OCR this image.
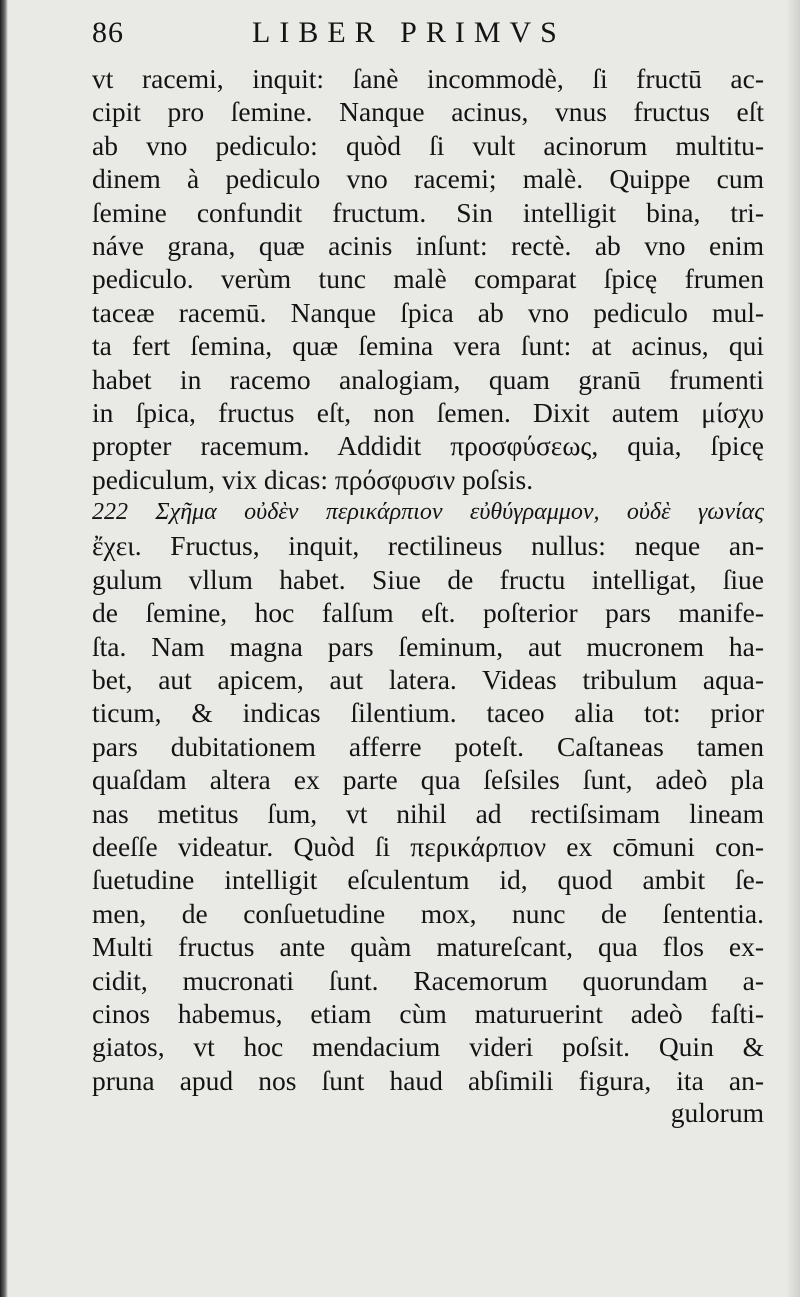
86	LIBER PRIMVS
vt racemi, inquit: ſanè incommodè, ſi fructū ac-
cipit pro ſemine. Nanque acinus, vnus fructus eſt
ab vno pediculo: quòd ſi vult acinorum multitu-
dinem à pediculo vno racemi; malè. Quippe cum
ſemine confundit fructum. Sin intelligit bina, tri-
náve grana, quæ acinis inſunt: rectè. ab vno enim
pediculo. verùm tunc malè comparat ſpicę frumen
taceæ racemū. Nanque ſpica ab vno pediculo mul-
ta fert ſemina, quæ ſemina vera ſunt: at acinus, qui
habet in racemo analogiam, quam granū frumenti
in ſpica, fructus eſt, non ſemen. Dixit autem μίσχυ
propter racemum. Addidit προσφύσεως, quia, ſpicę
pediculum, vix dicas: πρόσφυσιν poſsis.
222 Σχῆμα οὐδὲν περικάρπιον εὐθύγραμμον, οὐδὲ γωνίας
ἔχει. Fructus, inquit, rectilineus nullus: neque an-
gulum vllum habet. Siue de fructu intelligat, ſiue
de ſemine, hoc falſum eſt. poſterior pars manife-
ſta. Nam magna pars ſeminum, aut mucronem ha-
bet, aut apicem, aut latera. Videas tribulum aqua-
ticum, & indicas ſilentium. taceo alia tot: prior
pars dubitationem afferre poteſt. Caſtaneas tamen
quaſdam altera ex parte qua ſeſsiles ſunt, adeò pla
nas metitus ſum, vt nihil ad rectiſsimam lineam
deeſſe videatur. Quòd ſi περικάρπιον ex cōmuni con-
ſuetudine intelligit eſculentum id, quod ambit ſe-
men, de conſuetudine mox, nunc de ſententia.
Multi fructus ante quàm matureſcant, qua flos ex-
cidit, mucronati ſunt. Racemorum quorundam a-
cinos habemus, etiam cùm maturuerint adeò faſti-
giatos, vt hoc mendacium videri poſsit. Quin &
pruna apud nos ſunt haud abſimili figura, ita an-
gulorum
